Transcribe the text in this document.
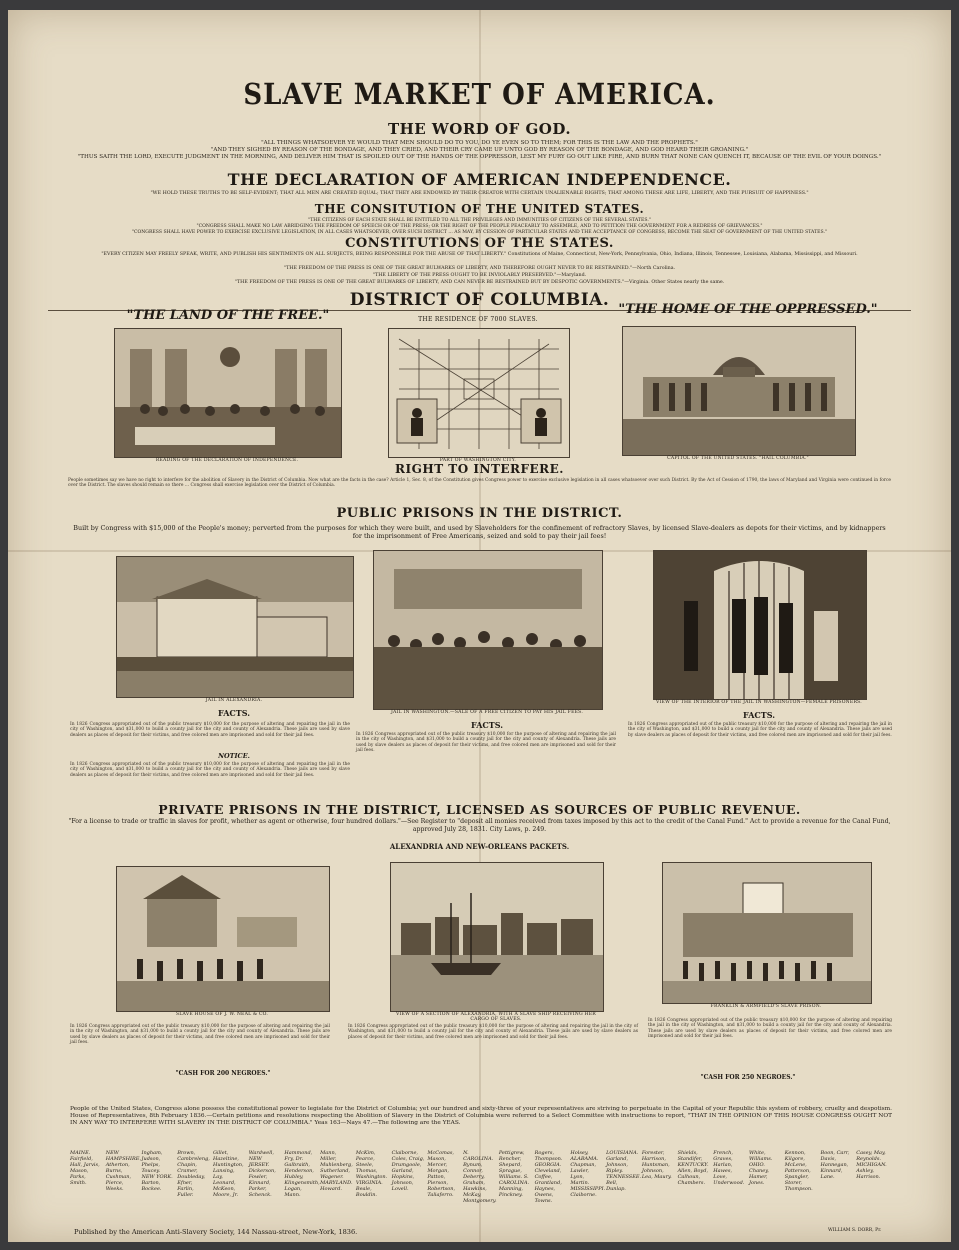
SLAVE MARKET OF AMERICA.
THE WORD OF GOD.
"ALL THINGS WHATSOEVER YE WOULD THAT MEN SHOULD DO TO YOU, DO YE EVEN SO TO THEM; FOR THIS IS THE LAW AND THE PROPHETS."
"AND THEY SIGHED BY REASON OF THE BONDAGE, AND THEY CRIED, AND THEIR CRY CAME UP UNTO GOD BY REASON OF THE BONDAGE, AND GOD HEARD THEIR GROANING."
"THUS SAITH THE LORD, EXECUTE JUDGMENT IN THE MORNING, AND DELIVER HIM THAT IS SPOILED OUT OF THE HANDS OF THE OPPRESSOR, LEST MY FURY GO OUT LIKE FIRE, AND BURN THAT NONE CAN QUENCH IT, BECAUSE OF THE EVIL OF YOUR DOINGS."
THE DECLARATION OF AMERICAN INDEPENDENCE.
"WE HOLD THESE TRUTHS TO BE SELF-EVIDENT; THAT ALL MEN ARE CREATED EQUAL; THAT THEY ARE ENDOWED BY THEIR CREATOR WITH CERTAIN UNALIENABLE RIGHTS; THAT AMONG THESE ARE LIFE, LIBERTY, AND THE PURSUIT OF HAPPINESS."
THE CONSITUTION OF THE UNITED STATES.
"THE CITIZENS OF EACH STATE SHALL BE ENTITLED TO ALL THE PRIVILEGES AND IMMUNITIES OF CITIZENS OF THE SEVERAL STATES."
"CONGRESS SHALL MAKE NO LAW ABRIDGING THE FREEDOM OF SPEECH OR OF THE PRESS; OR THE RIGHT OF THE PEOPLE PEACEABLY TO ASSEMBLE, AND TO PETITION THE GOVERNMENT FOR A REDRESS OF GRIEVANCES."
"CONGRESS SHALL HAVE POWER TO EXERCISE EXCLUSIVE LEGISLATION, IN ALL CASES WHATSOEVER, OVER SUCH DISTRICT ... AS MAY, BY CESSION OF PARTICULAR STATES AND THE ACCEPTANCE OF CONGRESS, BECOME THE SEAT OF GOVERNMENT OF THE UNITED STATES."
CONSTITUTIONS OF THE STATES.
"EVERY CITIZEN MAY FREELY SPEAK, WRITE, AND PUBLISH HIS SENTIMENTS ON ALL SUBJECTS, BEING RESPONSIBLE FOR THE ABUSE OF THAT LIBERTY." Constitutions of Maine, Connecticut, New-York, Pennsylvania, Ohio, Indiana, Illinois, Tennessee, Louisiana, Alabama, Mississippi, and Missouri.
"THE FREEDOM OF THE PRESS IS ONE OF THE GREAT BULWARKS OF LIBERTY, AND THEREFORE OUGHT NEVER TO BE RESTRAINED."—North Carolina.
"THE LIBERTY OF THE PRESS OUGHT TO BE INVIOLABLY PRESERVED."—Maryland.
"THE FREEDOM OF THE PRESS IS ONE OF THE GREAT BULWARKS OF LIBERTY, AND CAN NEVER BE RESTRAINED BUT BY DESPOTIC GOVERNMENTS."—Virginia. Other States nearly the same.
DISTRICT OF COLUMBIA.
"THE LAND OF THE FREE."	"THE HOME OF THE OPPRESSED."
THE RESIDENCE OF 7000 SLAVES.
READING OF THE DECLARATION OF INDEPENDENCE.	PART OF WASHINGTON CITY.	CAPITOL OF THE UNITED STATES. "HAIL COLUMBIA."
RIGHT TO INTERFERE.
People sometimes say we have no right to interfere for the abolition of Slavery in the District of Columbia. Now what are the facts in the case? Article 1, Sec. 8, of the Constitution gives Congress power to exercise exclusive legislation in all cases whatsoever over such District. By the Act of Cession of 1790, the laws of Maryland and Virginia were continued in force over the District. The slaves should remain so there ... Congress shall exercise legislation over the District of Columbia.
PUBLIC PRISONS IN THE DISTRICT.
Built by Congress with $15,000 of the People's money; perverted from the purposes for which they were built, and used by Slaveholders for the confinement of refractory Slaves, by licensed Slave-dealers as depots for their victims, and by kidnappers for the imprisonment of Free Americans, seized and sold to pay their jail fees!
JAIL IN ALEXANDRIA.
JAIL IN WASHINGTON.—SALE OF A FREE CITIZEN TO PAY HIS JAIL FEES.
VIEW OF THE INTERIOR OF THE JAIL IN WASHINGTON—FEMALE PRISONERS.
FACTS.
FACTS.
FACTS.
In 1826 Congress appropriated out of the public treasury $10,000 for the purpose of altering and repairing the jail in the city of Washington, and $31,000 to build a county jail for the city and county of Alexandria. These jails are used by slave dealers as places of deposit for their victims, and free colored men are imprisoned and sold for their jail fees.
NOTICE.
In 1826 Congress appropriated out of the public treasury $10,000 for the purpose of altering and repairing the jail in the city of Washington, and $31,000 to build a county jail for the city and county of Alexandria. These jails are used by slave dealers as places of deposit for their victims, and free colored men are imprisoned and sold for their jail fees.
In 1826 Congress appropriated out of the public treasury $10,000 for the purpose of altering and repairing the jail in the city of Washington, and $31,000 to build a county jail for the city and county of Alexandria. These jails are used by slave dealers as places of deposit for their victims, and free colored men are imprisoned and sold for their jail fees.
In 1826 Congress appropriated out of the public treasury $10,000 for the purpose of altering and repairing the jail in the city of Washington, and $31,000 to build a county jail for the city and county of Alexandria. These jails are used by slave dealers as places of deposit for their victims, and free colored men are imprisoned and sold for their jail fees.
PRIVATE PRISONS IN THE DISTRICT, LICENSED AS SOURCES OF PUBLIC REVENUE.
"For a license to trade or traffic in slaves for profit, whether as agent or otherwise, four hundred dollars."—See Register to "deposit all monies received from taxes imposed by this act to the credit of the Canal Fund." Act to provide a revenue for the Canal Fund, approved July 28, 1831. City Laws, p. 249.
ALEXANDRIA AND NEW-ORLEANS PACKETS.
SLAVE HOUSE OF J. W. NEAL & CO.	VIEW OF A SECTION OF ALEXANDRIA, WITH A SLAVE SHIP RECEIVING HER CARGO OF SLAVES.
FRANKLIN & ARMFIELD'S SLAVE PRISON.
"CASH FOR 200 NEGROES."
"CASH FOR 250 NEGROES."
In 1826 Congress appropriated out of the public treasury $10,000 for the purpose of altering and repairing the jail in the city of Washington, and $31,000 to build a county jail for the city and county of Alexandria. These jails are used by slave dealers as places of deposit for their victims, and free colored men are imprisoned and sold for their jail fees.
In 1826 Congress appropriated out of the public treasury $10,000 for the purpose of altering and repairing the jail in the city of Washington, and $31,000 to build a county jail for the city and county of Alexandria. These jails are used by slave dealers as places of deposit for their victims, and free colored men are imprisoned and sold for their jail fees.
In 1826 Congress appropriated out of the public treasury $10,000 for the purpose of altering and repairing the jail in the city of Washington, and $31,000 to build a county jail for the city and county of Alexandria. These jails are used by slave dealers as places of deposit for their victims, and free colored men are imprisoned and sold for their jail fees.
People of the United States, Congress alone possess the constitutional power to legislate for the District of Columbia; yet our hundred and sixty-three of your representatives are striving to perpetuate in the Capital of your Republic this system of robbery, cruelty and despotism. House of Representatives, 8th February 1836.—Certain petitions and resolutions respecting the Abolition of Slavery in the District of Columbia were referred to a Select Committee with instructions to report, "THAT IN THE OPINION OF THIS HOUSE CONGRESS OUGHT NOT IN ANY WAY TO INTERFERE WITH SLAVERY IN THE DISTRICT OF COLUMBIA." Yeas 163—Nays 47.—The following are the YEAS.
MAINE. Fairfield, Hall, Jarvis, Mason, Parks, Smith.
NEW HAMPSHIRE. Atherton, Burns, Cushman, Pierce, Weeks.
Ingham, Judson, Phelps, Toucey. NEW YORK. Barton, Bockee.
Brown, Cambreleng, Chapin, Cramer, Doubleday, Efner, Farlin, Fuller.
Gillet, Hazeltine, Huntington, Lansing, Lay, Leonard, McKeon, Moore, Jr.
Wardwell, NEW JERSEY. Dickerson, Fowler, Kinnard, Parker, Schenck.
Hammond, Fry, Dr. Galbraith, Henderson, Hubley, Klingensmith, Logan, Mann.
Mann, Miller, Muhlenberg, Sutherland, Wagener. MARYLAND. Howard.
McKim, Pearce, Steele, Thomas, Washington. VIRGINIA. Beale, Bouldin.
Claiborne, Coles, Craig, Drumgoole, Garland, Hopkins, Johnson, Lovell.
McComas, Mason, Mercer, Morgan, Patton, Pierson, Robertson, Taliaferro.
N. CAROLINA. Bynum, Connor, Deberry, Graham, Hawkins, McKay, Montgomery.
Pettigrew, Rencher, Shepard, Sprague, Williams. S. CAROLINA. Manning, Pinckney.
Rogers, Thompson. GEORGIA. Cleveland, Coffee, Grantland, Haynes, Owens, Towns.
Holsey, ALABAMA. Chapman, Lawler, Lyon, Martin. MISSISSIPPI. Claiborne.
LOUISIANA. Garland, Johnson, Ripley. TENNESSEE. Bell, Dunlap.
Forester, Harrison, Huntsman, Johnson, Lea, Maury.
Shields, Standifer, KENTUCKY. Allen, Boyd, Calhoun, Chambers.
French, Graves, Harlan, Hawes, Love, Underwood.
White, Williams. OHIO. Chaney, Hamer, Jones.
Kennon, Kilgore, McLene, Patterson, Spangler, Storer, Thompson.
Boon, Carr, Davis, Hannegan, Kinnard, Lane.
Casey, May, Reynolds. MICHIGAN. Ashley, Harrison.
Published by the American Anti-Slavery Society, 144 Nassau-street, New-York, 1836.	WILLIAM S. DORR, Pr.
